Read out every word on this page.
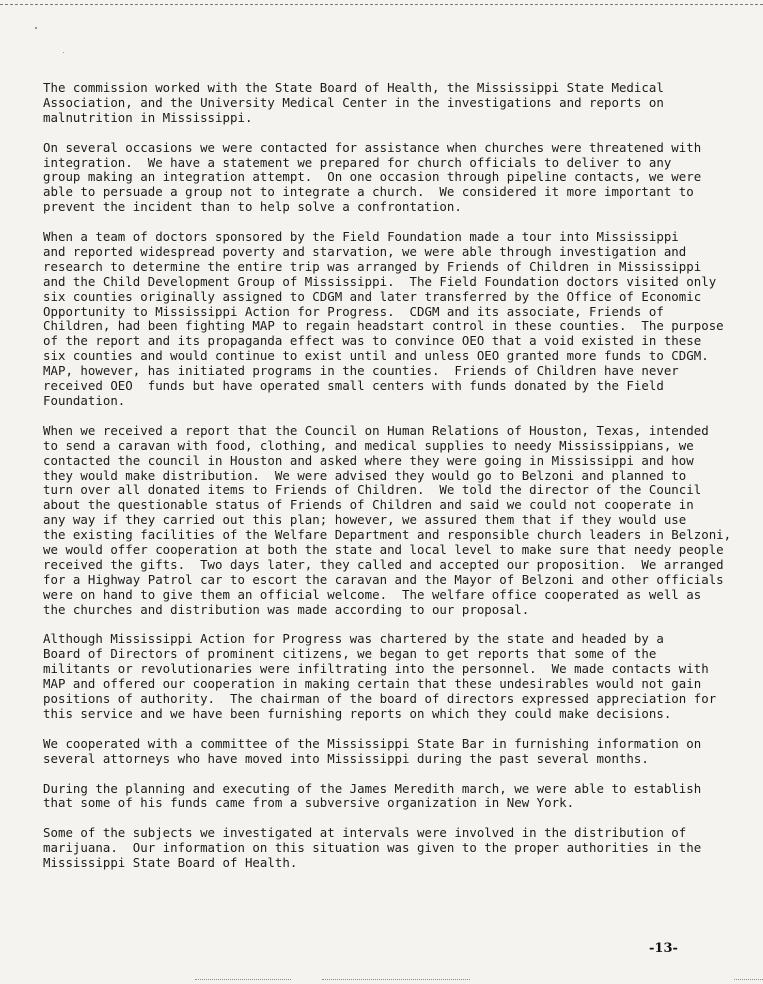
The commission worked with the State Board of Health, the Mississippi State Medical
Association, and the University Medical Center in the investigations and reports on
malnutrition in Mississippi.
On several occasions we were contacted for assistance when churches were threatened with
integration.  We have a statement we prepared for church officials to deliver to any
group making an integration attempt.  On one occasion through pipeline contacts, we were
able to persuade a group not to integrate a church.  We considered it more important to
prevent the incident than to help solve a confrontation.
When a team of doctors sponsored by the Field Foundation made a tour into Mississippi
and reported widespread poverty and starvation, we were able through investigation and
research to determine the entire trip was arranged by Friends of Children in Mississippi
and the Child Development Group of Mississippi.  The Field Foundation doctors visited only
six counties originally assigned to CDGM and later transferred by the Office of Economic
Opportunity to Mississippi Action for Progress.  CDGM and its associate, Friends of
Children, had been fighting MAP to regain headstart control in these counties.  The purpose
of the report and its propaganda effect was to convince OEO that a void existed in these
six counties and would continue to exist until and unless OEO granted more funds to CDGM.
MAP, however, has initiated programs in the counties.  Friends of Children have never
received OEO  funds but have operated small centers with funds donated by the Field
Foundation.
When we received a report that the Council on Human Relations of Houston, Texas, intended
to send a caravan with food, clothing, and medical supplies to needy Mississippians, we
contacted the council in Houston and asked where they were going in Mississippi and how
they would make distribution.  We were advised they would go to Belzoni and planned to
turn over all donated items to Friends of Children.  We told the director of the Council
about the questionable status of Friends of Children and said we could not cooperate in
any way if they carried out this plan; however, we assured them that if they would use
the existing facilities of the Welfare Department and responsible church leaders in Belzoni,
we would offer cooperation at both the state and local level to make sure that needy people
received the gifts.  Two days later, they called and accepted our proposition.  We arranged
for a Highway Patrol car to escort the caravan and the Mayor of Belzoni and other officials
were on hand to give them an official welcome.  The welfare office cooperated as well as
the churches and distribution was made according to our proposal.
Although Mississippi Action for Progress was chartered by the state and headed by a
Board of Directors of prominent citizens, we began to get reports that some of the
militants or revolutionaries were infiltrating into the personnel.  We made contacts with
MAP and offered our cooperation in making certain that these undesirables would not gain
positions of authority.  The chairman of the board of directors expressed appreciation for
this service and we have been furnishing reports on which they could make decisions.
We cooperated with a committee of the Mississippi State Bar in furnishing information on
several attorneys who have moved into Mississippi during the past several months.
During the planning and executing of the James Meredith march, we were able to establish
that some of his funds came from a subversive organization in New York.
Some of the subjects we investigated at intervals were involved in the distribution of
marijuana.  Our information on this situation was given to the proper authorities in the
Mississippi State Board of Health.
-13-
